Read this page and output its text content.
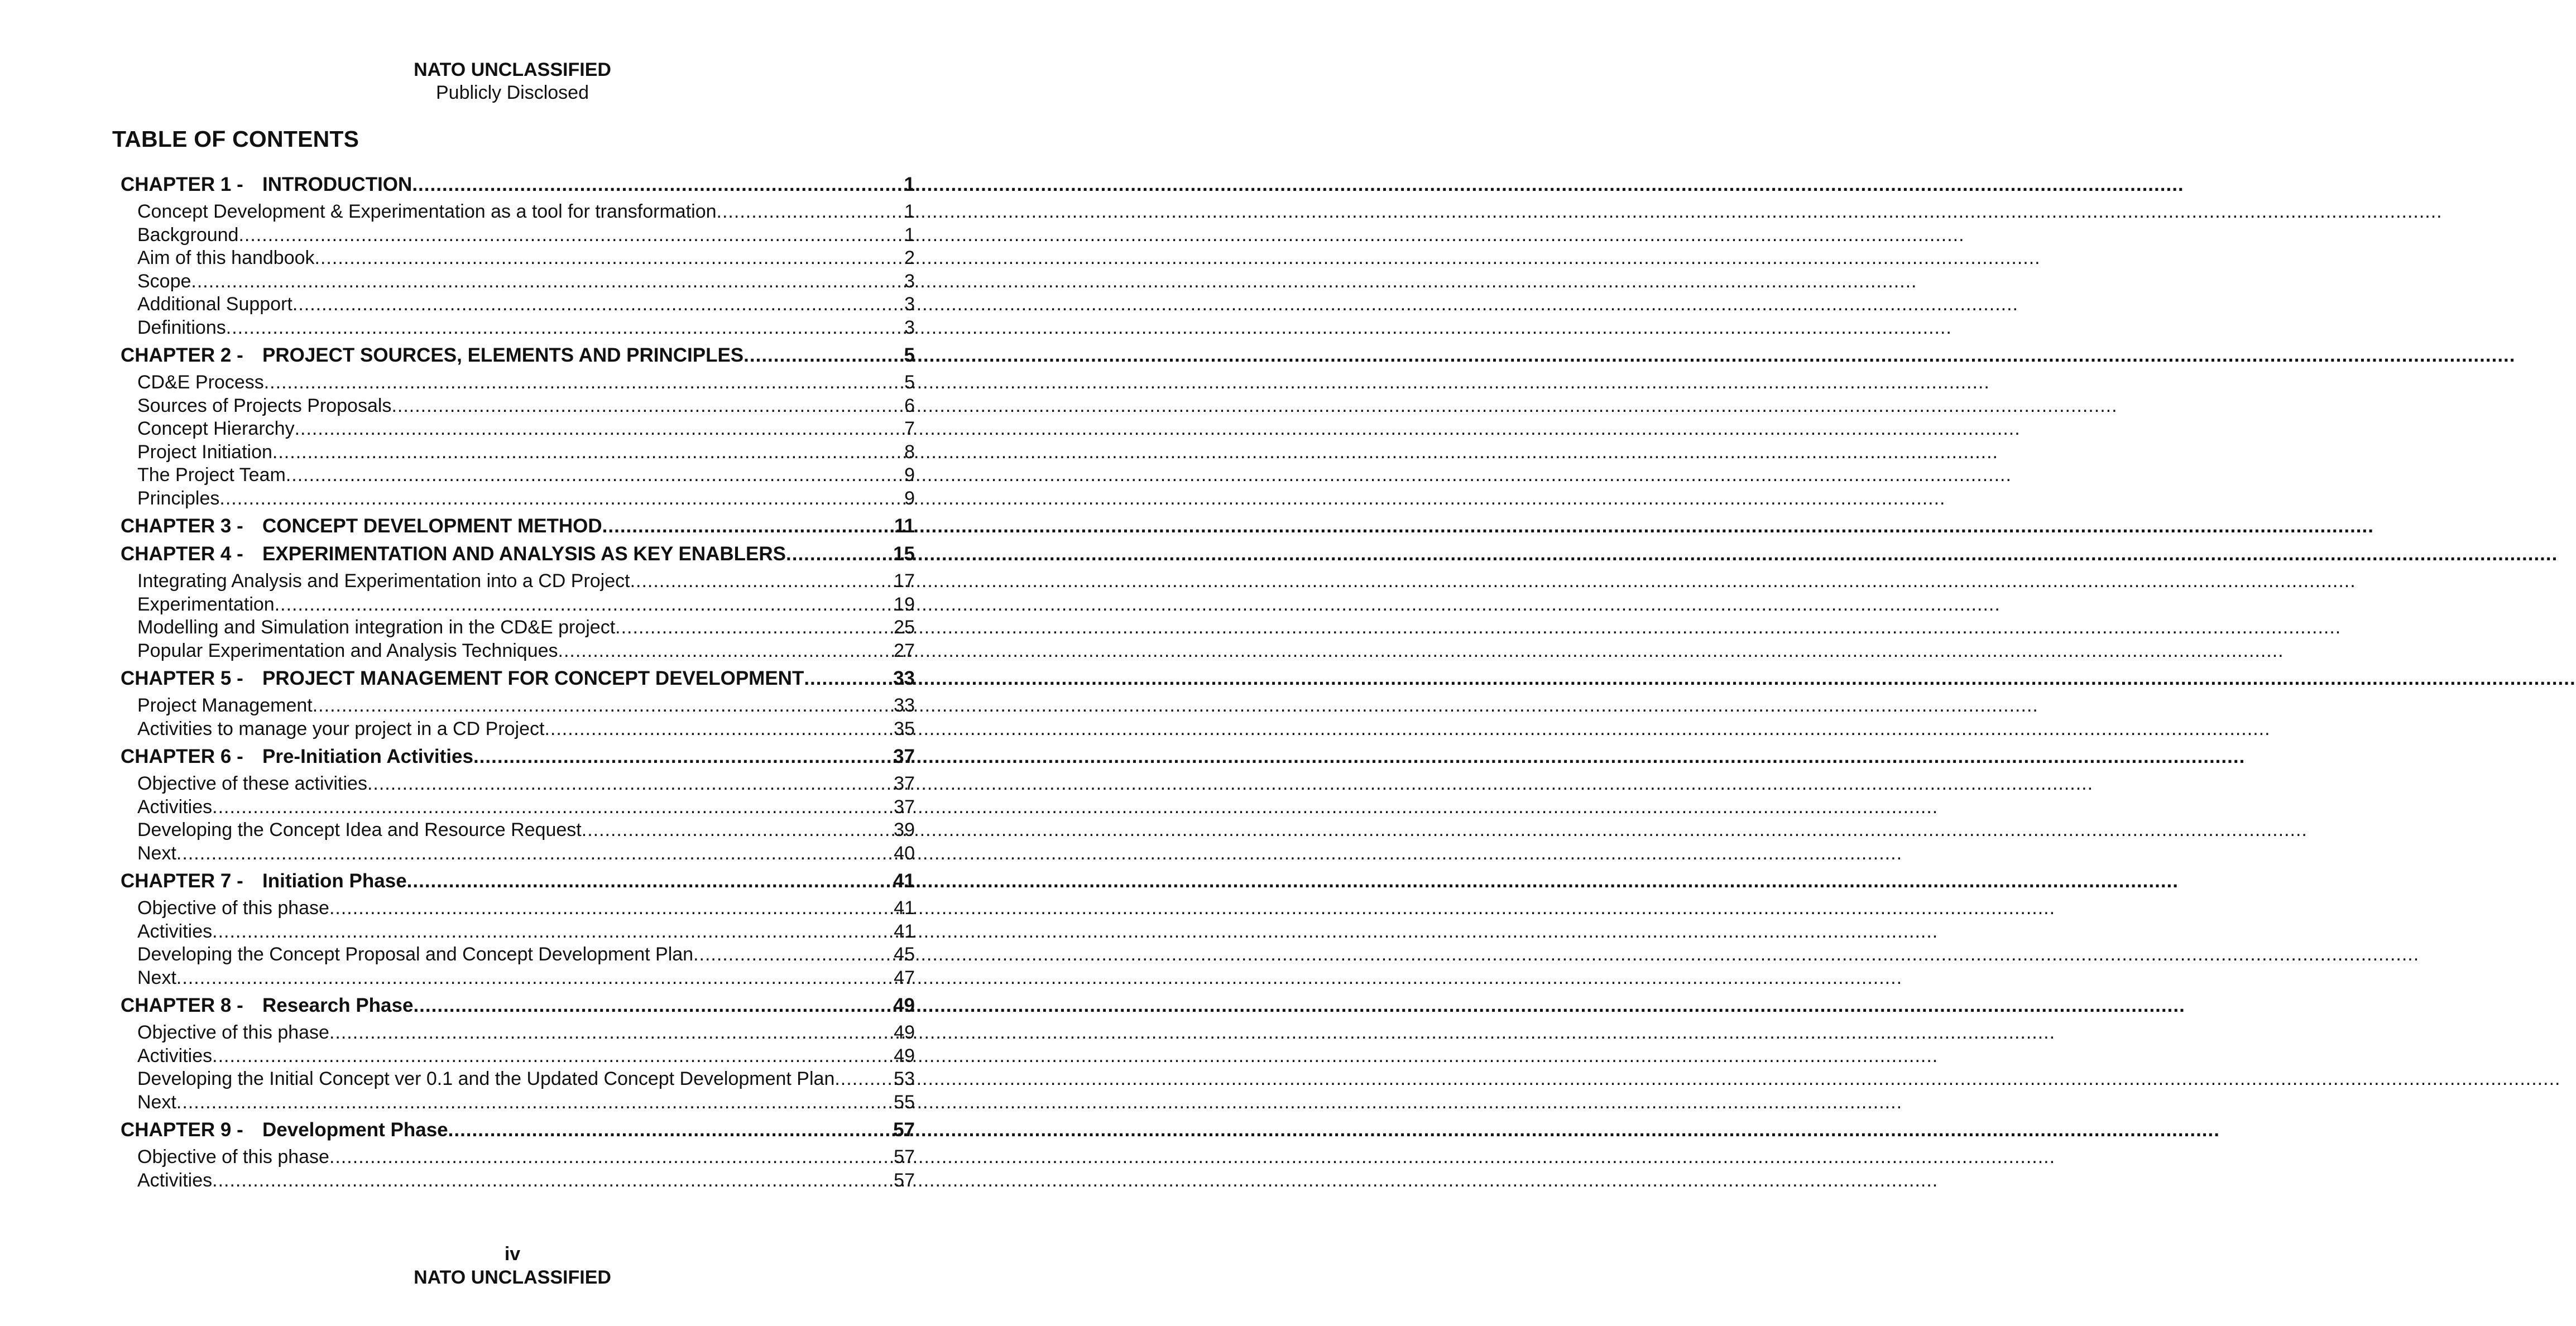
NATO UNCLASSIFIED
Publicly Disclosed
TABLE OF CONTENTS
CHAPTER 1 - INTRODUCTION .....	1
Concept Development & Experimentation as a tool for transformation .....	1
Background .....	1
Aim of this handbook .....	2
Scope .....	3
Additional Support .....	3
Definitions .....	3
CHAPTER 2 - PROJECT SOURCES, ELEMENTS AND PRINCIPLES .....	5
CD&E Process .....	5
Sources of Projects Proposals .....	6
Concept Hierarchy .....	7
Project Initiation .....	8
The Project Team .....	9
Principles .....	9
CHAPTER 3 - CONCEPT DEVELOPMENT METHOD .....	11
CHAPTER 4 - EXPERIMENTATION AND ANALYSIS AS KEY ENABLERS .....	15
Integrating Analysis and Experimentation into a CD Project .....	17
Experimentation .....	19
Modelling and Simulation integration in the CD&E project .....	25
Popular Experimentation and Analysis Techniques .....	27
CHAPTER 5 - PROJECT MANAGEMENT FOR CONCEPT DEVELOPMENT .....	33
Project Management .....	33
Activities to manage your project in a CD Project .....	35
CHAPTER 6 - Pre-Initiation Activities .....	37
Objective of these activities .....	37
Activities .....	37
Developing the Concept Idea and Resource Request .....	39
Next .....	40
CHAPTER 7 - Initiation Phase .....	41
Objective of this phase .....	41
Activities .....	41
Developing the Concept Proposal and Concept Development Plan .....	45
Next .....	47
CHAPTER 8 - Research Phase .....	49
Objective of this phase .....	49
Activities .....	49
Developing the Initial Concept ver 0.1 and the Updated Concept Development Plan .....	53
Next .....	55
CHAPTER 9 - Development Phase .....	57
Objective of this phase .....	57
Activities .....	57
iv
NATO UNCLASSIFIED
